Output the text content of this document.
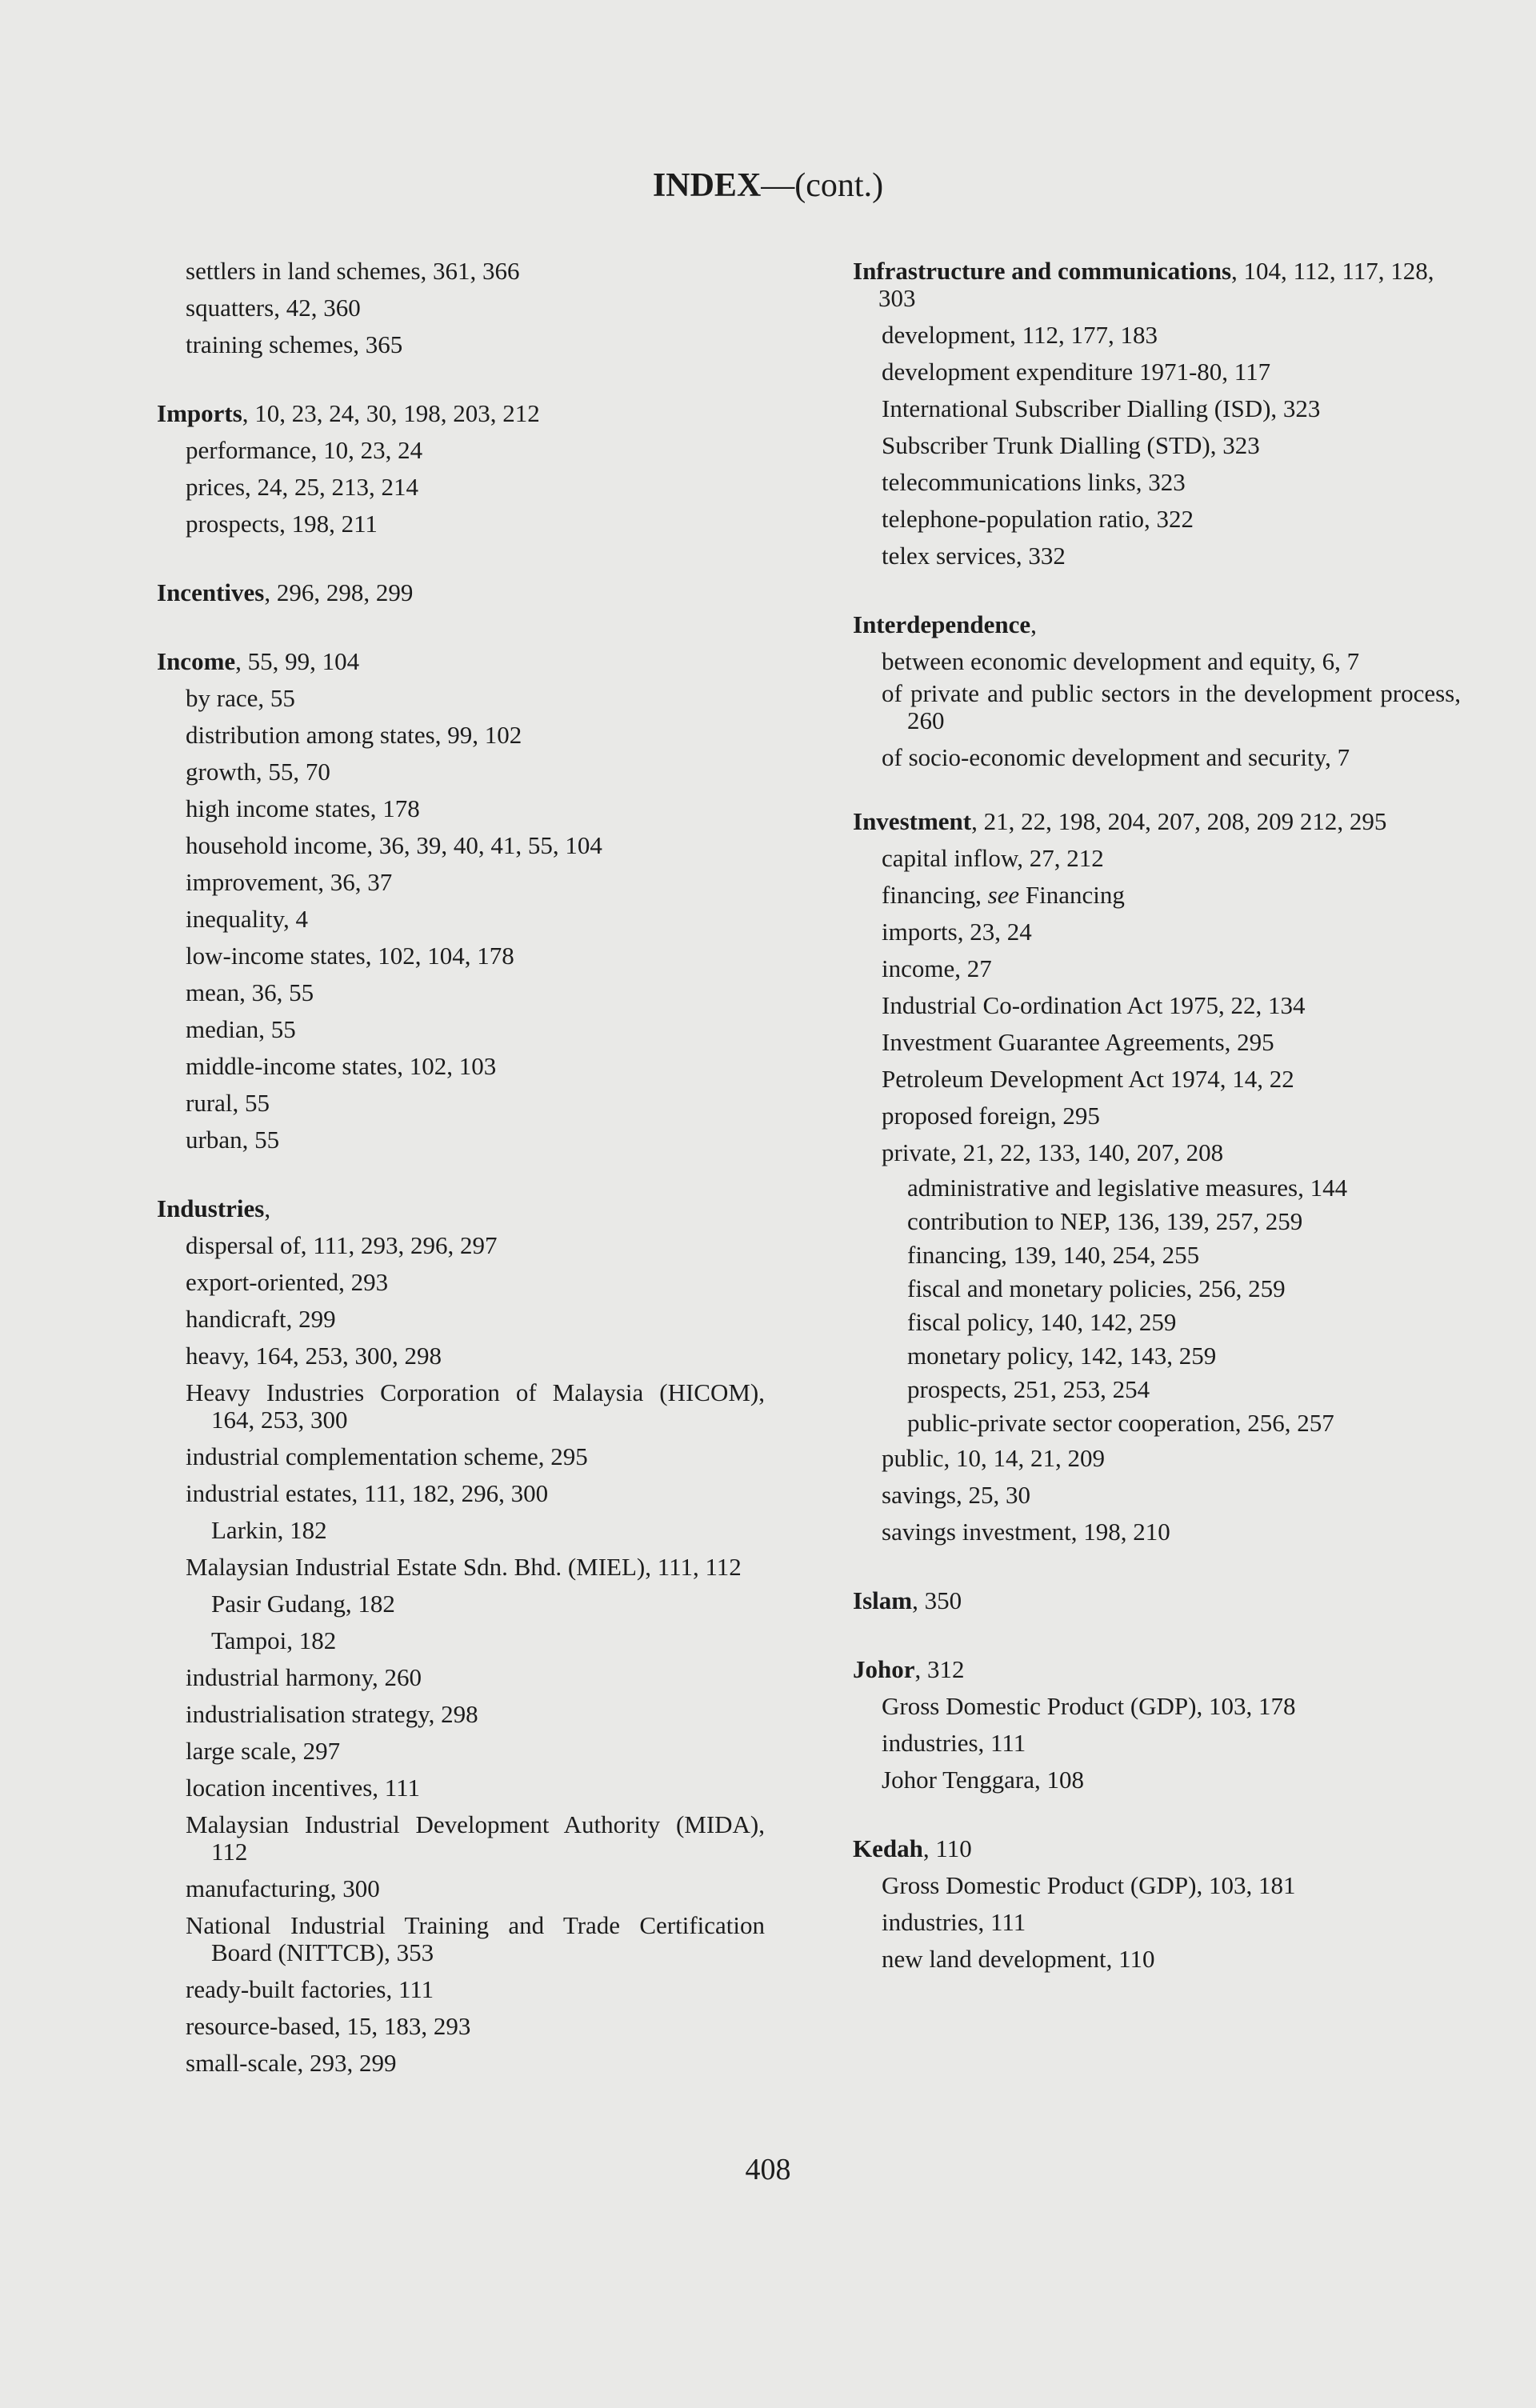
INDEX—(cont.)
settlers in land schemes, 361, 366
squatters, 42, 360
training schemes, 365
Imports, 10, 23, 24, 30, 198, 203, 212
performance, 10, 23, 24
prices, 24, 25, 213, 214
prospects, 198, 211
Incentives, 296, 298, 299
Income, 55, 99, 104
by race, 55
distribution among states, 99, 102
growth, 55, 70
high income states, 178
household income, 36, 39, 40, 41, 55, 104
improvement, 36, 37
inequality, 4
low-income states, 102, 104, 178
mean, 36, 55
median, 55
middle-income states, 102, 103
rural, 55
urban, 55
Industries,
dispersal of, 111, 293, 296, 297
export-oriented, 293
handicraft, 299
heavy, 164, 253, 300, 298
Heavy Industries Corporation of Malaysia (HICOM), 164, 253, 300
industrial complementation scheme, 295
industrial estates, 111, 182, 296, 300
Larkin, 182
Malaysian Industrial Estate Sdn. Bhd. (MIEL), 111, 112
Pasir Gudang, 182
Tampoi, 182
industrial harmony, 260
industrialisation strategy, 298
large scale, 297
location incentives, 111
Malaysian Industrial Development Authority (MIDA), 112
manufacturing, 300
National Industrial Training and Trade Certification Board (NITTCB), 353
ready-built factories, 111
resource-based, 15, 183, 293
small-scale, 293, 299
Infrastructure and communications, 104, 112, 117, 128, 303
development, 112, 177, 183
development expenditure 1971-80, 117
International Subscriber Dialling (ISD), 323
Subscriber Trunk Dialling (STD), 323
telecommunications links, 323
telephone-population ratio, 322
telex services, 332
Interdependence,
between economic development and equity, 6, 7
of private and public sectors in the development process, 260
of socio-economic development and security, 7
Investment, 21, 22, 198, 204, 207, 208, 209 212, 295
capital inflow, 27, 212
financing, see Financing
imports, 23, 24
income, 27
Industrial Co-ordination Act 1975, 22, 134
Investment Guarantee Agreements, 295
Petroleum Development Act 1974, 14, 22
proposed foreign, 295
private, 21, 22, 133, 140, 207, 208
administrative and legislative measures, 144
contribution to NEP, 136, 139, 257, 259
financing, 139, 140, 254, 255
fiscal and monetary policies, 256, 259
fiscal policy, 140, 142, 259
monetary policy, 142, 143, 259
prospects, 251, 253, 254
public-private sector cooperation, 256, 257
public, 10, 14, 21, 209
savings, 25, 30
savings investment, 198, 210
Islam, 350
Johor, 312
Gross Domestic Product (GDP), 103, 178
industries, 111
Johor Tenggara, 108
Kedah, 110
Gross Domestic Product (GDP), 103, 181
industries, 111
new land development, 110
408
